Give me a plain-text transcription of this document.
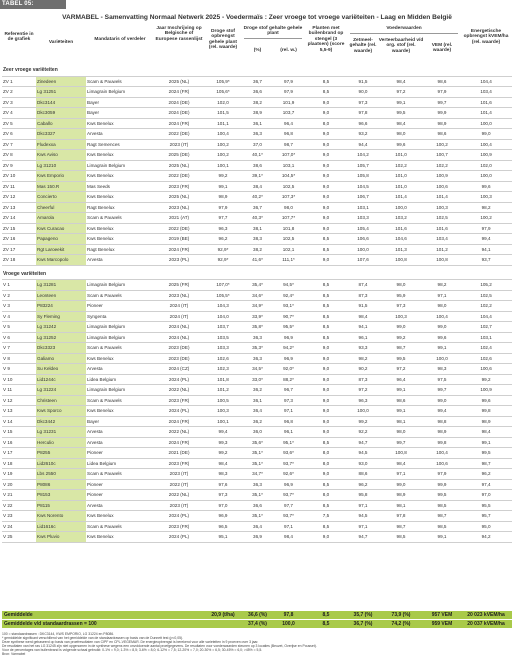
TABEL 05:
VARMABEL - Samenvatting Normaal Netwerk 2025 - Voedermaïs : Zeer vroege tot vroege variëteiten - Laag en Midden België
Referentie in de grafiek
Variëteiten
Mandataris of verdeler
Jaar Inschrijving op Belgische of Europese rassenlijst
Droge stof opbrengst gehele plant (rel. waarde)
Droge stof gehalte gehele plant
(%)	(rel. w.)
Planten met builenbrand op stengel (3 plaatsen) (score 5,5-9)
Voederwaarden
Zetmeel-gehalte (rel. waarde)
Verteerbaarheid v/d org. stof (rel. waarde)
VEM (rel. waarde)
Energetische opbrengst kVEM/ha (rel. waarde)
Zeer vroege variëteiten											
ZV 1	Zinedeen	Scam & Pauwels	2025 (NL)	105,9*	36,7	97,9	8,5	91,5	98,4	98,6	104,4
ZV 2	Lg 31251	Limagrain Belgium	2024 (FR)	105,6*	36,6	97,9	8,5	90,0	97,2	97,9	103,4
ZV 3	Dkc3144	Bayer	2024 (DE)	102,0	38,2	101,9	9,0	97,3	99,1	99,7	101,6
ZV 4	Dkc3059	Bayer	2024 (DE)	101,5	38,9	103,7	9,0	97,8	99,5	99,9	101,4
ZV 5	Caballo	Kws Benelux	2024 (FR)	101,1	36,1	96,4	8,0	96,6	98,4	98,9	100,0
ZV 6	Dkc3327	Arvesta	2022 (DE)	100,4	36,3	96,8	9,0	93,2	98,0	98,6	99,0
ZV 7	Fludexxa	Ragt Semences	2023 (IT)	100,2	37,0	98,7	9,0	94,4	99,6	100,2	100,4
ZV 8	Kws Aviso	Kws Benelux	2025 (DE)	100,2	40,1*	107,0*	9,0	104,2	101,0	100,7	100,9
ZV 9	Lg 31210	Limagrain Belgium	2025 (NL)	100,1	38,6	103,1	9,0	105,7	102,2	102,2	102,0
ZV 10	Kws Emporio	Kws Benelux	2022 (DE)	99,2	39,1*	104,5*	9,0	105,8	101,0	100,9	100,0
ZV 11	Mas 150.R	Mas Seeds	2023 (FR)	99,1	38,4	102,5	9,0	104,5	101,0	100,6	99,6
ZV 12	Concierto	Kws Benelux	2025 (NL)	98,9	40,2*	107,3*	9,0	106,7	101,4	101,4	100,3
ZV 13	Cheerful	Ragt Benelux	2023 (NL)	97,9	36,7	98,0	9,0	103,1	100,0	100,3	98,2
ZV 14	Amarola	Scam & Pauwels	2021 (AT)	97,7	40,3*	107,7*	9,0	103,3	103,2	102,5	100,2
ZV 15	Kws Curacao	Kws Benelux	2022 (DE)	96,3	38,1	101,8	9,0	105,4	101,6	101,6	97,9
ZV 16	Papageno	Kws Benelux	2019 (BE)	96,2	38,3	102,5	8,5	106,6	104,6	103,4	99,4
ZV 17	Rgt Laroeekit	Ragt Benelux	2024 (FR)	92,9*	38,2	102,1	8,5	100,0	101,3	101,2	94,1
ZV 18	Kws Marcopolo	Arvesta	2023 (PL)	92,9*	41,6*	111,1*	9,0	107,6	100,8	100,8	93,7

Vroege variëteiten											
V 1	Lg 31281	Limagrain Belgium	2025 (FR)	107,0*	35,4*	94,5*	8,5	87,4	98,0	98,2	105,2
V 2	Leonteen	Scam & Pauwels	2023 (NL)	105,5*	34,6*	92,4*	8,5	87,3	95,9	97,1	102,5
V 3	P83224	Pioneer	2024 (IT)	104,3	34,9*	93,1*	8,5	91,5	97,3	98,0	102,2
V 4	Sy Fleming	Syngenta	2024 (IT)	104,0	33,9*	90,7*	8,5	98,4	100,3	100,4	104,4
V 5	Lg 31242	Limagrain Belgium	2024 (NL)	103,7	35,8*	95,5*	8,5	94,1	99,0	99,0	102,7
V 6	Lg 31252	Limagrain Belgium	2024 (NL)	103,5	36,3	96,9	8,5	96,1	99,2	99,6	103,1
V 7	Dkc3323	Scam & Pauwels	2023 (DE)	103,3	35,3*	94,2*	9,0	93,3	98,7	99,1	102,4
V 8	Galiamo	Kws Benelux	2023 (DE)	102,6	36,3	96,9	9,0	98,2	99,5	100,0	102,6
V 9	Su Keldeo	Arvesta	2024 (CZ)	102,3	34,5*	92,0*	9,0	90,2	97,2	98,3	100,6
V 10	Lid1244c	Lidea Belgium	2024 (PL)	101,8	33,0*	88,2*	9,0	87,3	96,4	97,5	99,2
V 11	Lg 31224	Limagrain Belgium	2022 (NL)	101,2	36,2	96,7	9,0	97,2	99,1	99,7	100,9
V 12	Christeen	Scam & Pauwels	2023 (FR)	100,5	36,1	97,3	9,0	96,3	98,6	99,0	99,6
V 13	Kws Sporco	Kws Benelux	2024 (PL)	100,3	36,4	97,1	9,0	100,0	99,1	99,4	99,8
V 14	Dkc3442	Bayer	2024 (FR)	100,1	36,2	96,8	9,0	99,2	98,1	98,8	98,9
V 15	Lg 31231	Arvesta	2022 (NL)	99,4	36,0	96,1	9,0	92,2	98,0	98,9	98,4
V 16	Herculio	Arvesta	2024 (FR)	99,3	35,6*	95,1*	8,5	94,7	99,7	99,8	99,1
V 17	P8255	Pioneer	2021 (DE)	99,2	35,1*	93,6*	8,0	94,5	100,8	100,4	99,5
V 18	Lid2610c	Lidea Belgium	2023 (FR)	98,4	35,1*	93,7*	8,0	93,0	98,4	100,6	98,7
V 19	Lbs 2550	Scam & Pauwels	2023 (IT)	98,3	34,7*	92,6*	9,0	88,6	97,1	97,9	96,2
V 20	P8086	Pioneer	2022 (IT)	97,6	36,3	96,9	8,5	96,2	99,0	99,9	97,4
V 21	P8153	Pioneer	2022 (NL)	97,3	35,1*	93,7*	8,0	95,8	98,9	99,5	97,0
V 22	P8115	Arvesta	2023 (IT)	97,0	36,6	97,7	8,5	97,1	98,1	98,5	95,5
V 23	Kws Norento	Kws Benelux	2024 (PL)	96,9	35,1*	93,7*	7,5	94,5	97,8	98,7	95,7
V 24	Lid1616c	Scam & Pauwels	2023 (FR)	96,5	36,4	97,1	8,5	97,1	98,7	98,5	95,0
V 25	Kws Pluvio	Kws Benelux	2024 (PL)	95,1	36,9	98,4	9,0	94,7	98,5	99,1	94,2
Gemiddelde	20,9 (t/ha)	36,6 (%)	97,8	8,5	35,7 (%)	73,9 (%)	957 VEM	20 023 kVEM/ha
Gemiddelde v/d standaardrassen = 100	37,4 (%)	100,0	8,5	36,7 (%)	74,2 (%)	959 VEM	20 037 kVEM/ha
100 = standaardrassen : DKC3144, KWS EMPORIO, LG 31224 en P8086.
* gemiddelde significant verschillend van het gemiddelde van de standaardrassen op basis van de Dunnett test (p<0,05).
Deze synthese werd gebaseerd op basis van proefresultaten van CIPF en CPL-VEGEMAR. De energieopbrengst is berekend voor alle varieteiten in 9 proeven over 3 jaar.
De resultaten van het ras LG 31245 zijn niet opgenomen in de synthese wegens een onvoldoende aantal proefgegevens. De resultaten voor voederwaarden steunen op 3 locaties (Beuzet, Overijse en Pousset).
Voor de percentages van builenbrand is volgende schaal gebruikt: 0-1% = 9,0; 1-3% = 8,5; 3-6% = 8,0; 6-12% = 7,5; 12-20% = 7,0; 20-30% = 6,5; 30-45% = 6,0; >45% = 5,5.
Bron: Varmabel
